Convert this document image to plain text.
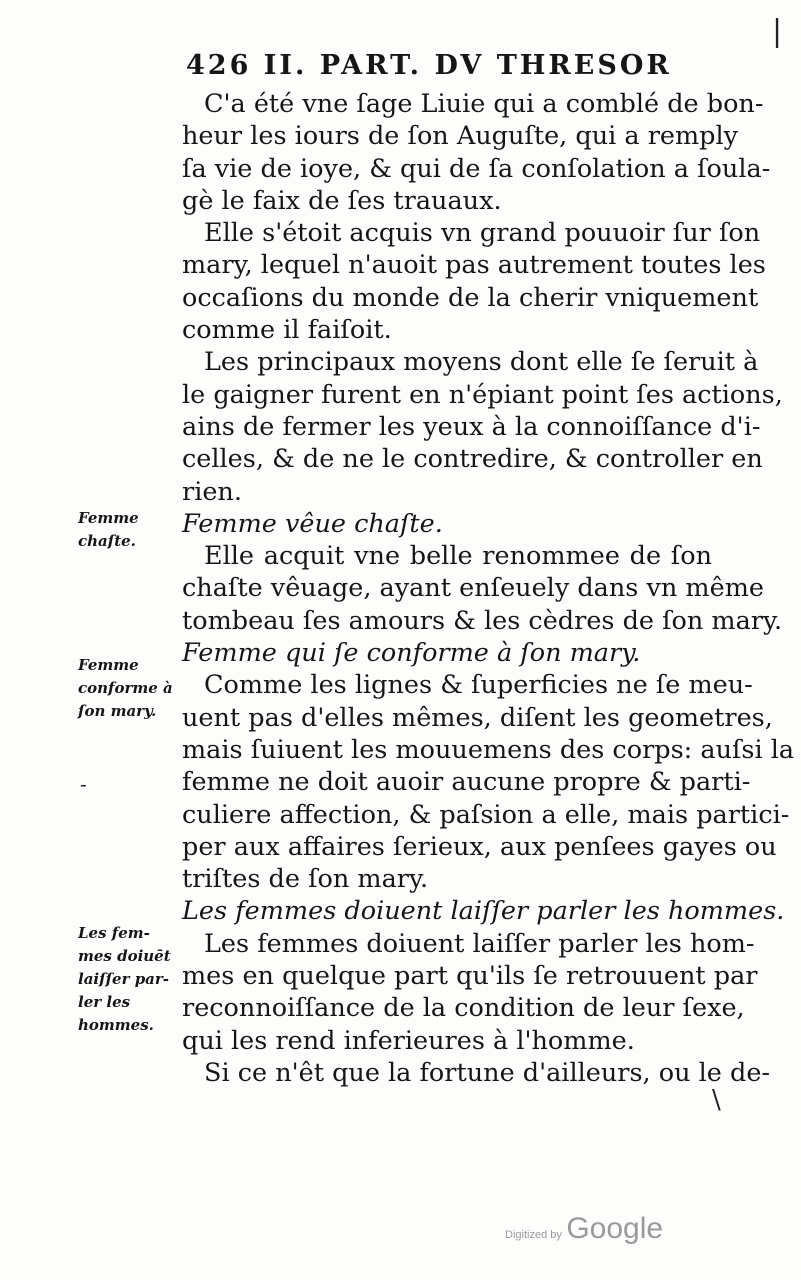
|
426 II. PART. DV THRESOR
C'a été vne ſage Liuie qui a comblé de bon-
heur les iours de ſon Auguſte, qui a remply
ſa vie de ioye, & qui de ſa conſolation a ſoula-
gè le faix de ſes trauaux.
Elle s'étoit acquis vn grand pouuoir ſur ſon
mary, lequel n'auoit pas autrement toutes les
occaſions du monde de la cherir vniquement
comme il faiſoit.
Les principaux moyens dont elle ſe ſeruit à
le gaigner furent en n'épiant point ſes actions,
ains de fermer les yeux à la connoiſſance d'i-
celles, & de ne le contredire, & controller en
rien.
Femme vêue chaſte.
Elle acquit vne belle renommee de ſon
chaſte vêuage, ayant enſeuely dans vn même
tombeau ſes amours & les cèdres de ſon mary.
Femme qui ſe conforme à ſon mary.
Comme les lignes & ſuperficies ne ſe meu-
uent pas d'elles mêmes, diſent les geometres,
mais ſuiuent les mouuemens des corps: auſsi la
femme ne doit auoir aucune propre & parti-
culiere affection, & paſsion a elle, mais partici-
per aux affaires ſerieux, aux penſees gayes ou
triſtes de ſon mary.
Les femmes doiuent laiſſer parler les hommes.
Les femmes doiuent laiſſer parler les hom-
mes en quelque part qu'ils ſe retrouuent par
reconnoiſſance de la condition de leur ſexe,
qui les rend inferieures à l'homme.
Si ce n'êt que la fortune d'ailleurs, ou le de-
\
Femme
chaſte.
Femme
conforme à
ſon mary.
-
Les fem-
mes doiuēt
laiſſer par-
ler les
hommes.
Digitized by Google
